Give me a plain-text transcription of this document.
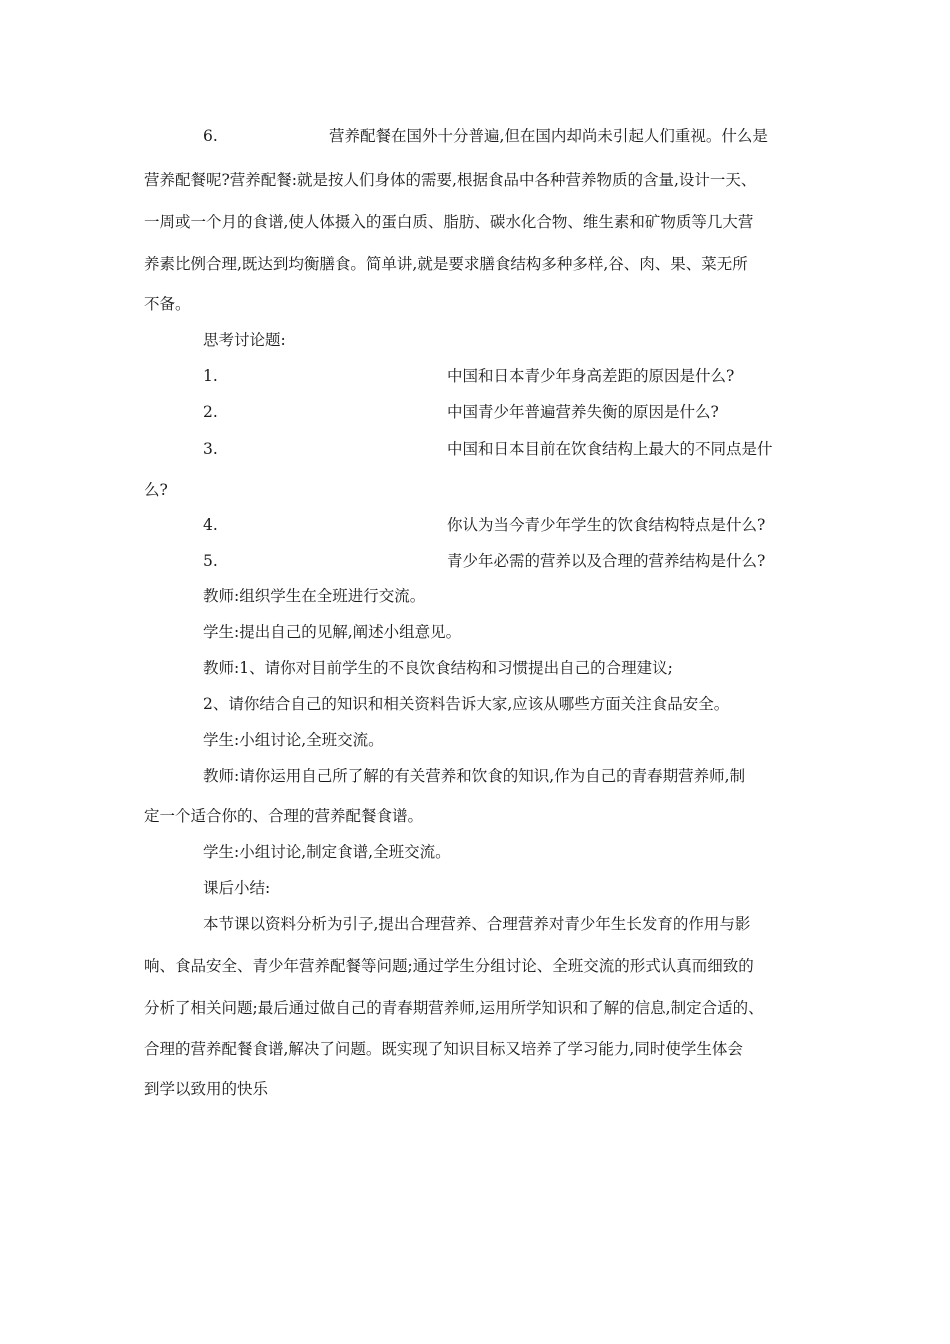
6.	营养配餐在国外十分普遍,但在国内却尚未引起人们重视。什么是
营养配餐呢?营养配餐:就是按人们身体的需要,根据食品中各种营养物质的含量,设计一天、
一周或一个月的食谱,使人体摄入的蛋白质、脂肪、碳水化合物、维生素和矿物质等几大营
养素比例合理,既达到均衡膳食。简单讲,就是要求膳食结构多种多样,谷、肉、果、菜无所
不备。
思考讨论题:
1.	中国和日本青少年身高差距的原因是什么?
2.	中国青少年普遍营养失衡的原因是什么?
3.	中国和日本目前在饮食结构上最大的不同点是什
么?
4.	你认为当今青少年学生的饮食结构特点是什么?
5.	青少年必需的营养以及合理的营养结构是什么?
教师:组织学生在全班进行交流。
学生:提出自己的见解,阐述小组意见。
教师:1、请你对目前学生的不良饮食结构和习惯提出自己的合理建议;
2、请你结合自己的知识和相关资料告诉大家,应该从哪些方面关注食品安全。
学生:小组讨论,全班交流。
教师:请你运用自己所了解的有关营养和饮食的知识,作为自己的青春期营养师,制
定一个适合你的、合理的营养配餐食谱。
学生:小组讨论,制定食谱,全班交流。
课后小结:
本节课以资料分析为引子,提出合理营养、合理营养对青少年生长发育的作用与影
响、食品安全、青少年营养配餐等问题;通过学生分组讨论、全班交流的形式认真而细致的
分析了相关问题;最后通过做自己的青春期营养师,运用所学知识和了解的信息,制定合适的、
合理的营养配餐食谱,解决了问题。既实现了知识目标又培养了学习能力,同时使学生体会
到学以致用的快乐
